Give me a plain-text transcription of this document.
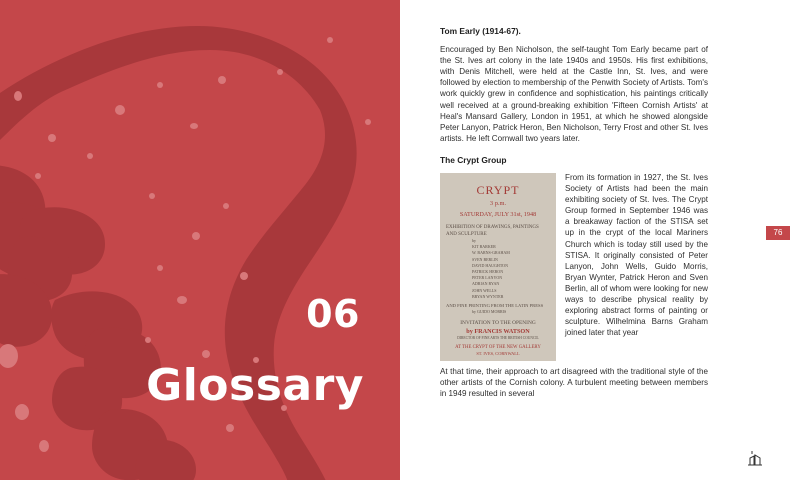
06
Glossary
Tom Early (1914-67).

Encouraged by Ben Nicholson, the self-taught Tom Early became part of the St. Ives art colony in the late 1940s and 1950s. His first exhibitions, with Denis Mitchell, were held at the Castle Inn, St. Ives, and were followed by election to membership of the Penwith Society of Artists. Tom's work quickly grew in confidence and sophistication, his paintings critically well received at a ground-breaking exhibition 'Fifteen Cornish Artists' at Heal's Mansard Gallery, London in 1951, at which he showed alongside Peter Lanyon, Patrick Heron, Ben Nicholson, Terry Frost and other St. Ives artists. He left Cornwall two years later.

The Crypt Group
CRYPT
3 p.m.
SATURDAY, JULY 31st, 1948
EXHIBITION OF DRAWINGS, PAINTINGS AND SCULPTURE
by
KIT BARKER
W. BARNS-GRAHAM
SVEN BERLIN
DAVID HAUGHTON
PATRICK HERON
PETER LANYON
ADRIAN RYAN
JOHN WELLS
BRYAN WYNTER
AND FINE PRINTING FROM THE LATIN PRESS
by GUIDO MORRIS
INVITATION TO THE OPENING
by FRANCIS WATSON
DIRECTOR OF FINE ARTS THE BRITISH COUNCIL
AT THE CRYPT OF THE NEW GALLERY
ST. IVES, CORNWALL

From its formation in 1927, the St. Ives Society of Artists had been the main exhibiting society of St. Ives. The Crypt Group formed in September 1946 was a breakaway faction of the STISA set up in the crypt of the local Mariners Church which is today still used by the STISA. It originally consisted of Peter Lanyon, John Wells, Guido Morris, Bryan Wynter, Patrick Heron and Sven Berlin, all of whom were looking for new ways to describe physical reality by exploring abstract forms of painting or sculpture. Wilhelmina Barns Graham joined later that year

At that time, their approach to art disagreed with the traditional style of the other artists of the Cornish colony. A turbulent meeting between members in 1949 resulted in several

76
